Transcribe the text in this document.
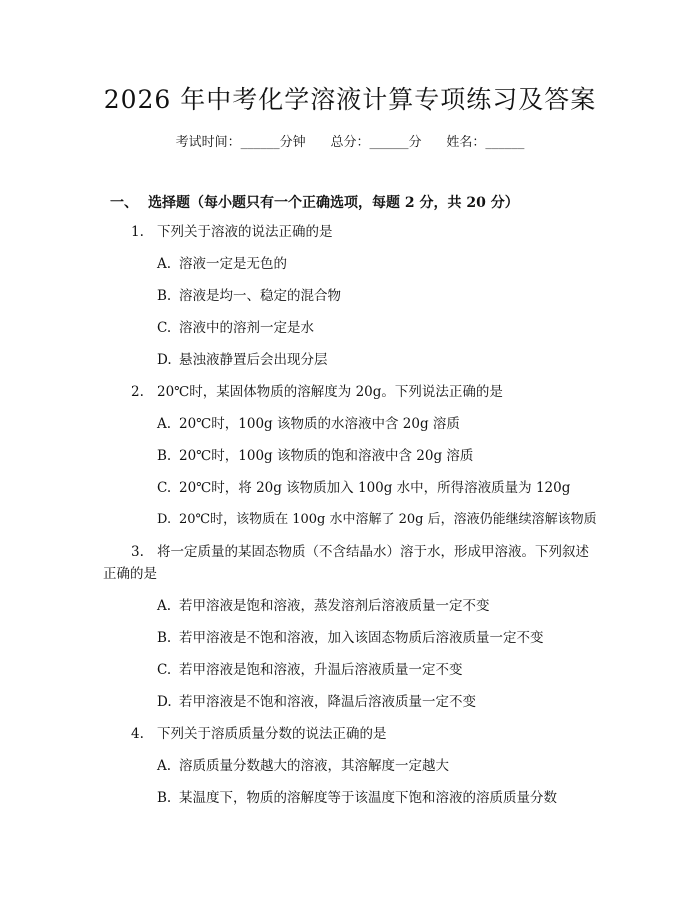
2026 年中考化学溶液计算专项练习及答案
考试时间：______分钟 总分：______分 姓名：______
一、 选择题（每小题只有一个正确选项，每题 2 分，共 20 分）
1. 下列关于溶液的说法正确的是
A. 溶液一定是无色的
B. 溶液是均一、稳定的混合物
C. 溶液中的溶剂一定是水
D. 悬浊液静置后会出现分层
2. 20℃时，某固体物质的溶解度为 20g。下列说法正确的是
A. 20℃时，100g 该物质的水溶液中含 20g 溶质
B. 20℃时，100g 该物质的饱和溶液中含 20g 溶质
C. 20℃时，将 20g 该物质加入 100g 水中，所得溶液质量为 120g
D. 20℃时，该物质在 100g 水中溶解了 20g 后，溶液仍能继续溶解该物质
3. 将一定质量的某固态物质（不含结晶水）溶于水，形成甲溶液。下列叙述
正确的是
A. 若甲溶液是饱和溶液，蒸发溶剂后溶液质量一定不变
B. 若甲溶液是不饱和溶液，加入该固态物质后溶液质量一定不变
C. 若甲溶液是饱和溶液，升温后溶液质量一定不变
D. 若甲溶液是不饱和溶液，降温后溶液质量一定不变
4. 下列关于溶质质量分数的说法正确的是
A. 溶质质量分数越大的溶液，其溶解度一定越大
B. 某温度下，物质的溶解度等于该温度下饱和溶液的溶质质量分数
